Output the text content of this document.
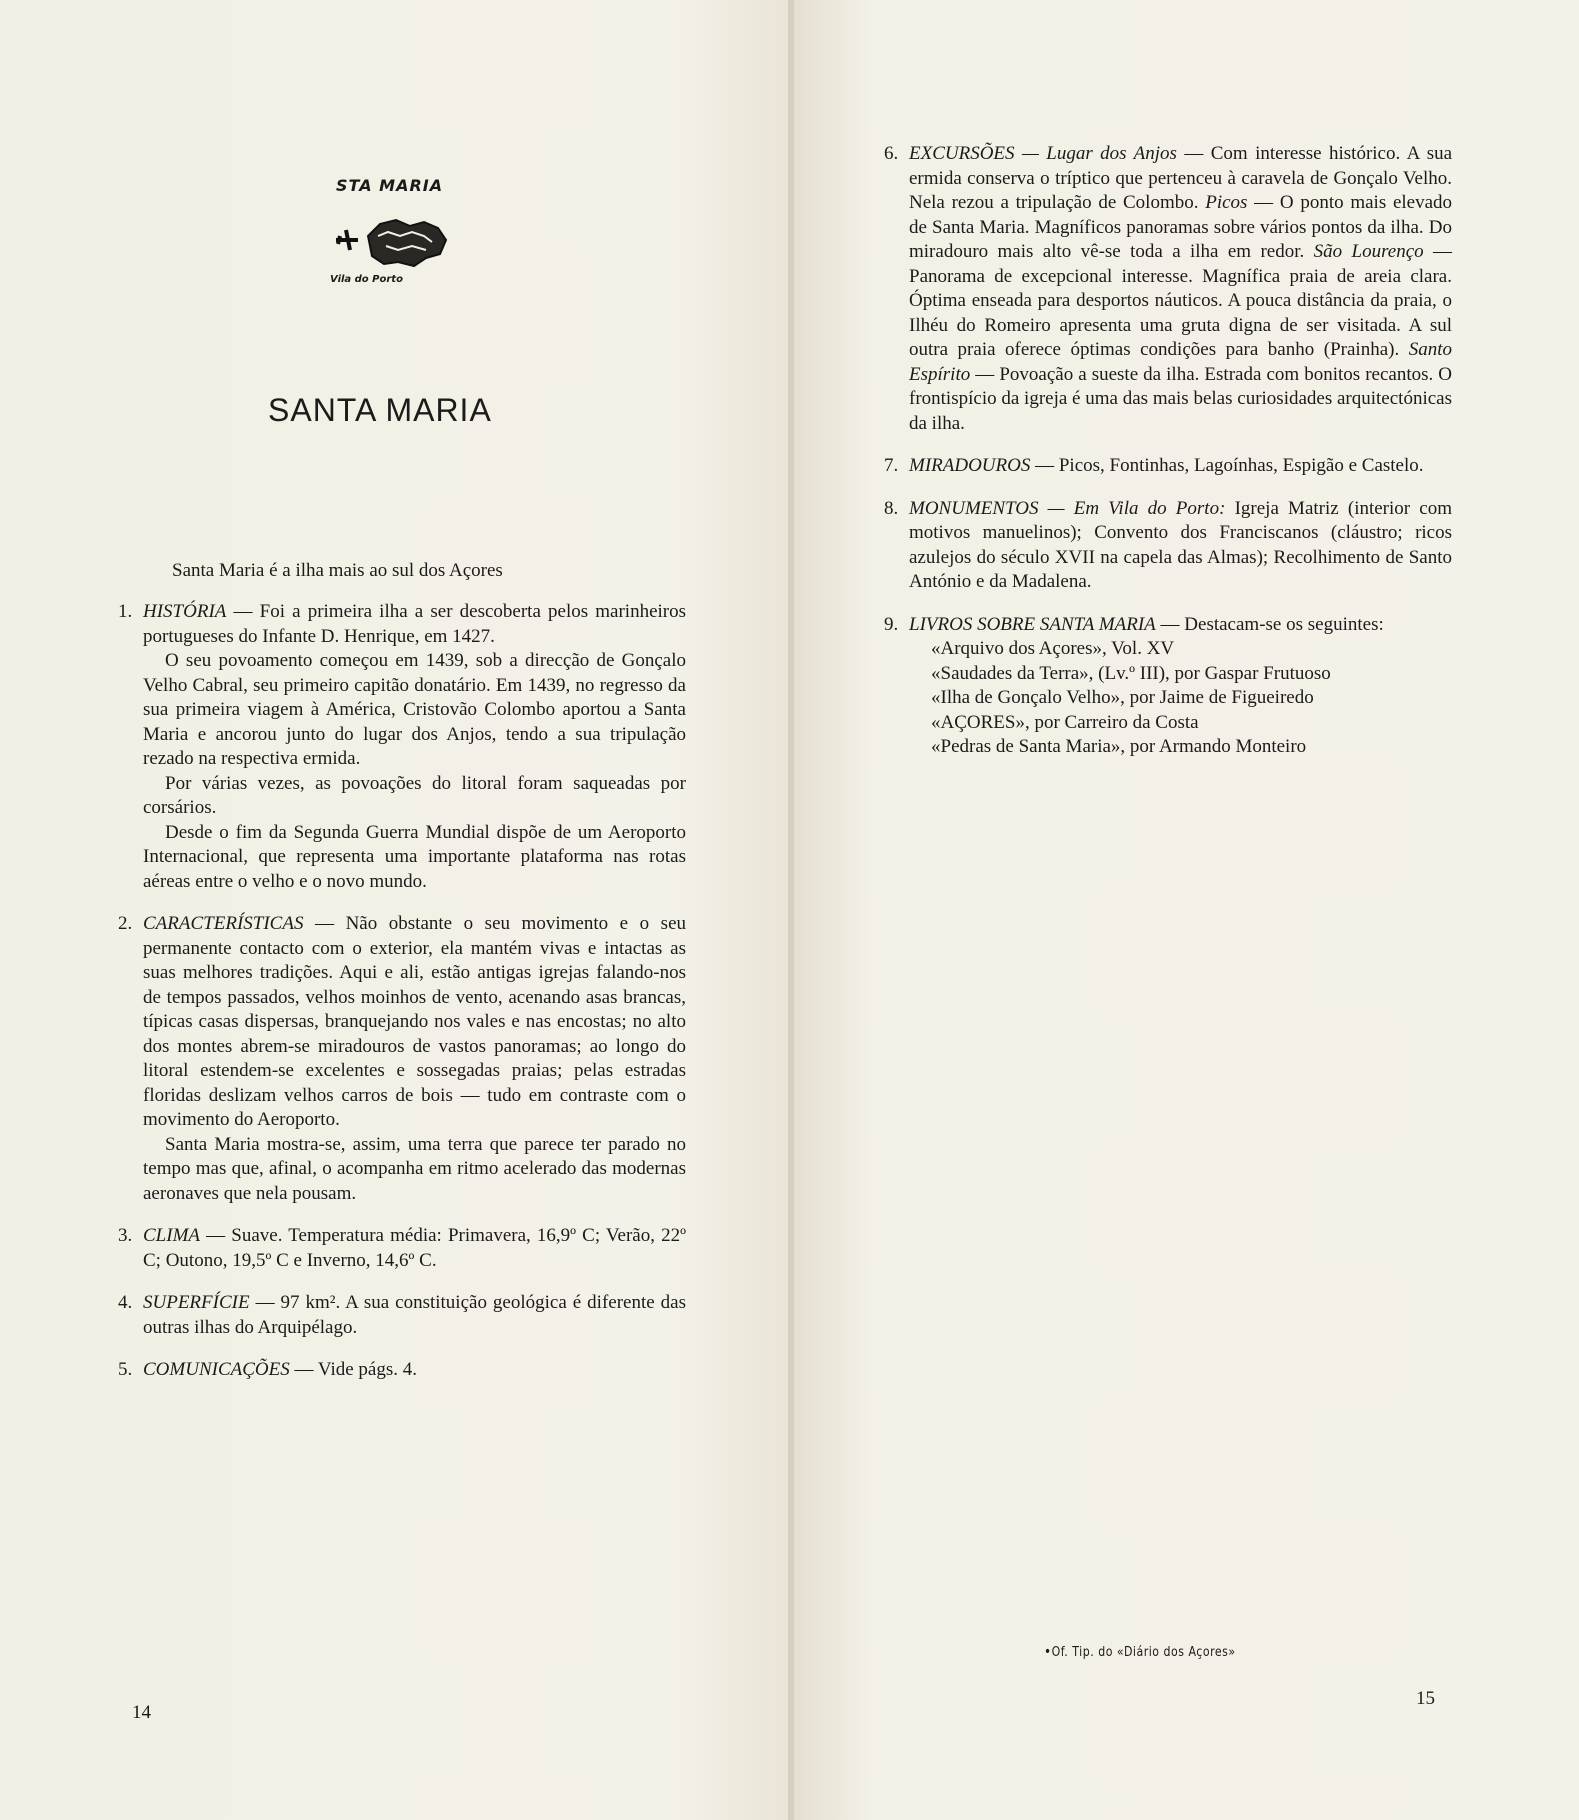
STA MARIA
Vila do Porto
SANTA MARIA
Santa Maria é a ilha mais ao sul dos Açores
1. HISTÓRIA — Foi a primeira ilha a ser descoberta pelos marinheiros portugueses do Infante D. Henrique, em 1427.

O seu povoamento começou em 1439, sob a direcção de Gonçalo Velho Cabral, seu primeiro capitão donatário. Em 1439, no regresso da sua primeira viagem à América, Cristovão Colombo aportou a Santa Maria e ancorou junto do lugar dos Anjos, tendo a sua tripulação rezado na respectiva ermida.

Por várias vezes, as povoações do litoral foram saqueadas por corsários.

Desde o fim da Segunda Guerra Mundial dispõe de um Aeroporto Internacional, que representa uma importante plataforma nas rotas aéreas entre o velho e o novo mundo.

2. CARACTERÍSTICAS — Não obstante o seu movimento e o seu permanente contacto com o exterior, ela mantém vivas e intactas as suas melhores tradições. Aqui e ali, estão antigas igrejas falando-nos de tempos passados, velhos moinhos de vento, acenando asas brancas, típicas casas dispersas, branquejando nos vales e nas encostas; no alto dos montes abrem-se miradouros de vastos panoramas; ao longo do litoral estendem-se excelentes e sossegadas praias; pelas estradas floridas deslizam velhos carros de bois — tudo em contraste com o movimento do Aeroporto.

Santa Maria mostra-se, assim, uma terra que parece ter parado no tempo mas que, afinal, o acompanha em ritmo acelerado das modernas aeronaves que nela pousam.

3. CLIMA — Suave. Temperatura média: Primavera, 16,9º C; Verão, 22º C; Outono, 19,5º C e Inverno, 14,6º C.

4. SUPERFÍCIE — 97 km². A sua constituição geológica é diferente das outras ilhas do Arquipélago.

5. COMUNICAÇÕES — Vide págs. 4.

14
6. EXCURSÕES — Lugar dos Anjos — Com interesse histórico. A sua ermida conserva o tríptico que pertenceu à caravela de Gonçalo Velho. Nela rezou a tripulação de Colombo. Picos — O ponto mais elevado de Santa Maria. Magníficos panoramas sobre vários pontos da ilha. Do miradouro mais alto vê-se toda a ilha em redor. São Lourenço — Panorama de excepcional interesse. Magnífica praia de areia clara. Óptima enseada para desportos náuticos. A pouca distância da praia, o Ilhéu do Romeiro apresenta uma gruta digna de ser visitada. A sul outra praia oferece óptimas condições para banho (Prainha). Santo Espírito — Povoação a sueste da ilha. Estrada com bonitos recantos. O frontispício da igreja é uma das mais belas curiosidades arquitectónicas da ilha.

7. MIRADOUROS — Picos, Fontinhas, Lagoínhas, Espigão e Castelo.

8. MONUMENTOS — Em Vila do Porto: Igreja Matriz (interior com motivos manuelinos); Convento dos Franciscanos (cláustro; ricos azulejos do século XVII na capela das Almas); Recolhimento de Santo António e da Madalena.

9. LIVROS SOBRE SANTA MARIA — Destacam-se os seguintes:

«Arquivo dos Açores», Vol. XV

«Saudades da Terra», (Lv.º III), por Gaspar Frutuoso

«Ilha de Gonçalo Velho», por Jaime de Figueiredo

«AÇORES», por Carreiro da Costa

«Pedras de Santa Maria», por Armando Monteiro

• Of. Tip. do «Diário dos Açores»
15
